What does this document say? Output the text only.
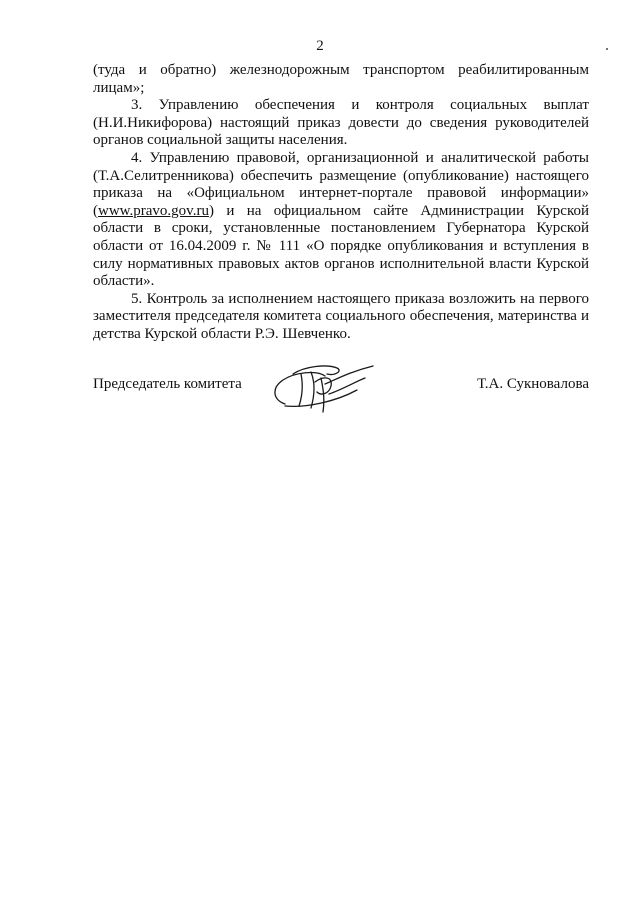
2

(туда и обратно) железнодорожным транспортом реабилитированным лицам»;

3. Управлению обеспечения и контроля социальных выплат (Н.И.Никифорова) настоящий приказ довести до сведения руководителей органов социальной защиты населения.

4. Управлению правовой, организационной и аналитической работы (Т.А.Селитренникова) обеспечить размещение (опубликование) настоящего приказа на «Официальном интернет-портале правовой информации» (www.pravo.gov.ru) и на официальном сайте Администрации Курской области в сроки, установленные постановлением Губернатора Курской области от 16.04.2009 г. № 111 «О порядке опубликования и вступления в силу нормативных правовых актов органов исполнительной власти Курской области».

5. Контроль за исполнением настоящего приказа возложить на первого заместителя председателя комитета социального обеспечения, материнства и детства Курской области Р.Э. Шевченко.

Председатель комитета	Т.А. Сукновалова
